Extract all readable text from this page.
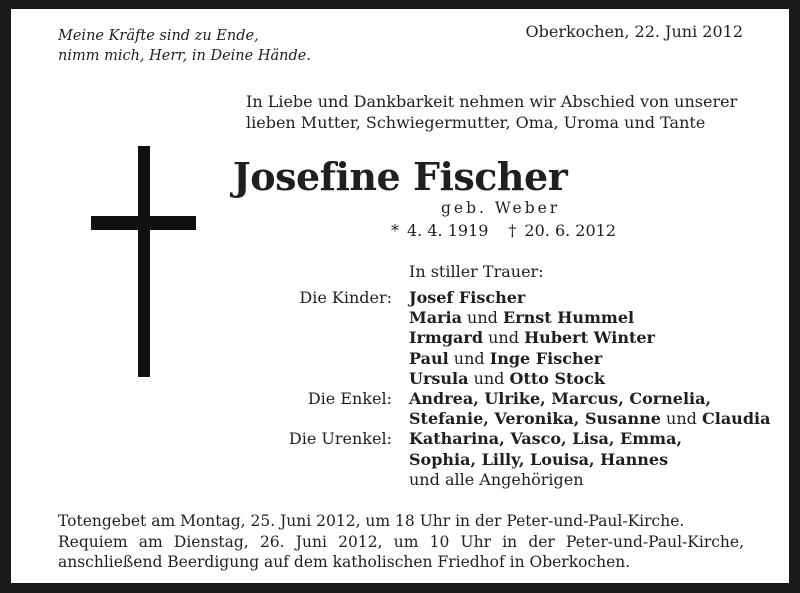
Meine Kräfte sind zu Ende,
nimm mich, Herr, in Deine Hände.
Oberkochen, 22. Juni 2012
In Liebe und Dankbarkeit nehmen wir Abschied von unserer
lieben Mutter, Schwiegermutter, Oma, Uroma und Tante
Josefine Fischer
geb. Weber
* 4. 4. 1919 † 20. 6. 2012
In stiller Trauer:
Die Kinder:
Die Enkel:
Die Urenkel:
Josef Fischer
Maria und Ernst Hummel
Irmgard und Hubert Winter
Paul und Inge Fischer
Ursula und Otto Stock
Andrea, Ulrike, Marcus, Cornelia,
Stefanie, Veronika, Susanne und Claudia
Katharina, Vasco, Lisa, Emma,
Sophia, Lilly, Louisa, Hannes
und alle Angehörigen
Totengebet am Montag, 25. Juni 2012, um 18 Uhr in der Peter-und-Paul-Kirche.
Requiem am Dienstag, 26. Juni 2012, um 10 Uhr in der Peter-und-Paul-Kirche,
anschließend Beerdigung auf dem katholischen Friedhof in Oberkochen.
